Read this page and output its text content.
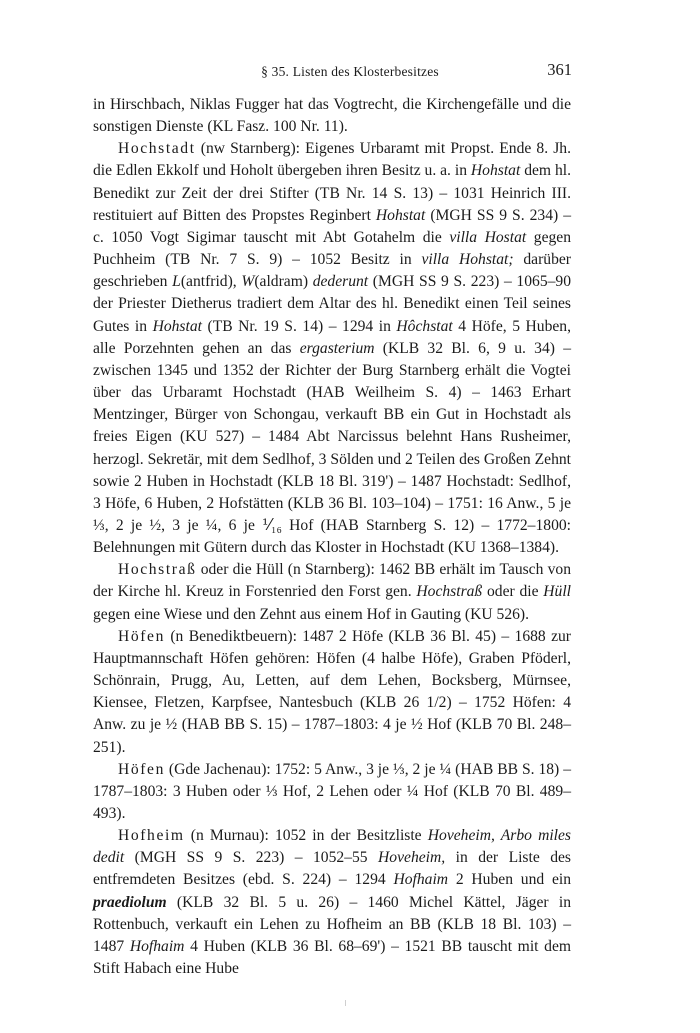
§ 35. Listen des Klosterbesitzes	361

in Hirschbach, Niklas Fugger hat das Vogtrecht, die Kirchengefälle und die sonstigen Dienste (KL Fasz. 100 Nr. 11).

Hochstadt (nw Starnberg): Eigenes Urbaramt mit Propst. Ende 8. Jh. die Edlen Ekkolf und Hoholt übergeben ihren Besitz u. a. in Hohstat dem hl. Benedikt zur Zeit der drei Stifter (TB Nr. 14 S. 13) – 1031 Heinrich III. restituiert auf Bitten des Propstes Reginbert Hohstat (MGH SS 9 S. 234) – c. 1050 Vogt Sigimar tauscht mit Abt Gotahelm die villa Hostat gegen Puchheim (TB Nr. 7 S. 9) – 1052 Besitz in villa Hohstat; darüber geschrieben L(antfrid), W(aldram) dederunt (MGH SS 9 S. 223) – 1065–90 der Priester Dietherus tradiert dem Altar des hl. Benedikt einen Teil seines Gutes in Hohstat (TB Nr. 19 S. 14) – 1294 in Hôchstat 4 Höfe, 5 Huben, alle Porzehnten gehen an das ergasterium (KLB 32 Bl. 6, 9 u. 34) – zwischen 1345 und 1352 der Richter der Burg Starnberg erhält die Vogtei über das Urbaramt Hochstadt (HAB Weilheim S. 4) – 1463 Erhart Mentzinger, Bürger von Schongau, verkauft BB ein Gut in Hochstadt als freies Eigen (KU 527) – 1484 Abt Narcissus belehnt Hans Rusheimer, herzogl. Sekretär, mit dem Sedlhof, 3 Sölden und 2 Teilen des Großen Zehnt sowie 2 Huben in Hochstadt (KLB 18 Bl. 319') – 1487 Hochstadt: Sedlhof, 3 Höfe, 6 Huben, 2 Hofstätten (KLB 36 Bl. 103–104) – 1751: 16 Anw., 5 je ⅓, 2 je ½, 3 je ¼, 6 je ⅟₁₆ Hof (HAB Starnberg S. 12) – 1772–1800: Belehnungen mit Gütern durch das Kloster in Hochstadt (KU 1368–1384).

Hochstraß oder die Hüll (n Starnberg): 1462 BB erhält im Tausch von der Kirche hl. Kreuz in Forstenried den Forst gen. Hochstraß oder die Hüll gegen eine Wiese und den Zehnt aus einem Hof in Gauting (KU 526).

Höfen (n Benediktbeuern): 1487 2 Höfe (KLB 36 Bl. 45) – 1688 zur Hauptmannschaft Höfen gehören: Höfen (4 halbe Höfe), Graben Pföderl, Schönrain, Prugg, Au, Letten, auf dem Lehen, Bocksberg, Mürnsee, Kiensee, Fletzen, Karpfsee, Nantesbuch (KLB 26 1/2) – 1752 Höfen: 4 Anw. zu je ½ (HAB BB S. 15) – 1787–1803: 4 je ½ Hof (KLB 70 Bl. 248–251).

Höfen (Gde Jachenau): 1752: 5 Anw., 3 je ⅓, 2 je ¼ (HAB BB S. 18) – 1787–1803: 3 Huben oder ⅓ Hof, 2 Lehen oder ¼ Hof (KLB 70 Bl. 489–493).

Hofheim (n Murnau): 1052 in der Besitzliste Hoveheim, Arbo miles dedit (MGH SS 9 S. 223) – 1052–55 Hoveheim, in der Liste des entfremdeten Besitzes (ebd. S. 224) – 1294 Hofhaim 2 Huben und ein praediolum (KLB 32 Bl. 5 u. 26) – 1460 Michel Kättel, Jäger in Rottenbuch, verkauft ein Lehen zu Hofheim an BB (KLB 18 Bl. 103) – 1487 Hofhaim 4 Huben (KLB 36 Bl. 68–69') – 1521 BB tauscht mit dem Stift Habach eine Hube
